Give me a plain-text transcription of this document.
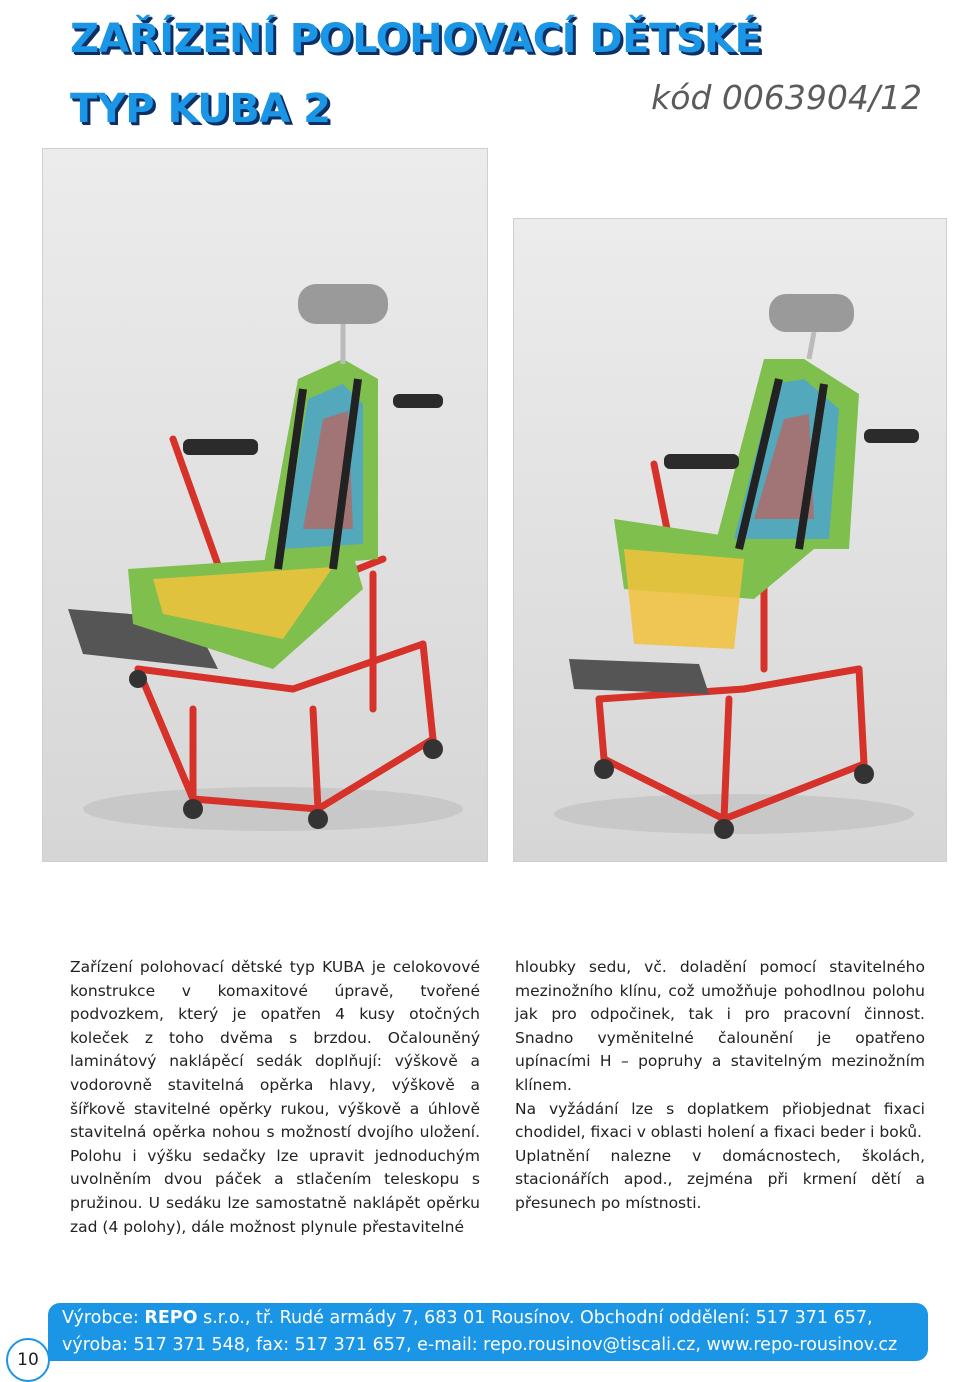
ZAŘÍZENÍ POLOHOVACÍ DĚTSKÉ
TYP KUBA 2	kód 0063904/12

Zařízení polohovací dětské typ KUBA je celokovové konstrukce v komaxitové úpravě, tvořené podvozkem, který je opatřen 4 kusy otočných koleček z toho dvěma s brzdou. Očalouněný laminátový naklápěcí sedák doplňují: výškově a vodorovně stavitelná opěrka hlavy, výškově a šířkově stavitelné opěrky rukou, výškově a úhlově stavitelná opěrka nohou s možností dvojího uložení. Polohu i výšku sedačky lze upravit jednoduchým uvolněním dvou páček a stlačením teleskopu s pružinou. U sedáku lze samostatně naklápět opěrku zad (4 polohy), dále možnost plynule přestavitelné

hloubky sedu, vč. doladění pomocí stavitelného mezinožního klínu, což umožňuje pohodlnou polohu jak pro odpočinek, tak i pro pracovní činnost. Snadno vyměnitelné čalounění je opatřeno upínacími H – popruhy a stavitelným mezinožním klínem.

Na vyžádání lze s doplatkem přiobjednat fixaci chodidel, fixaci v oblasti holení a fixaci beder i boků.

Uplatnění nalezne v domácnostech, školách, stacionářích apod., zejména při krmení dětí a přesunech po místnosti.

Výrobce: REPO s.r.o., tř. Rudé armády 7, 683 01 Rousínov. Obchodní oddělení: 517 371 657,
výroba: 517 371 548, fax: 517 371 657, e-mail: repo.rousinov@tiscali.cz, www.repo-rousinov.cz
10
